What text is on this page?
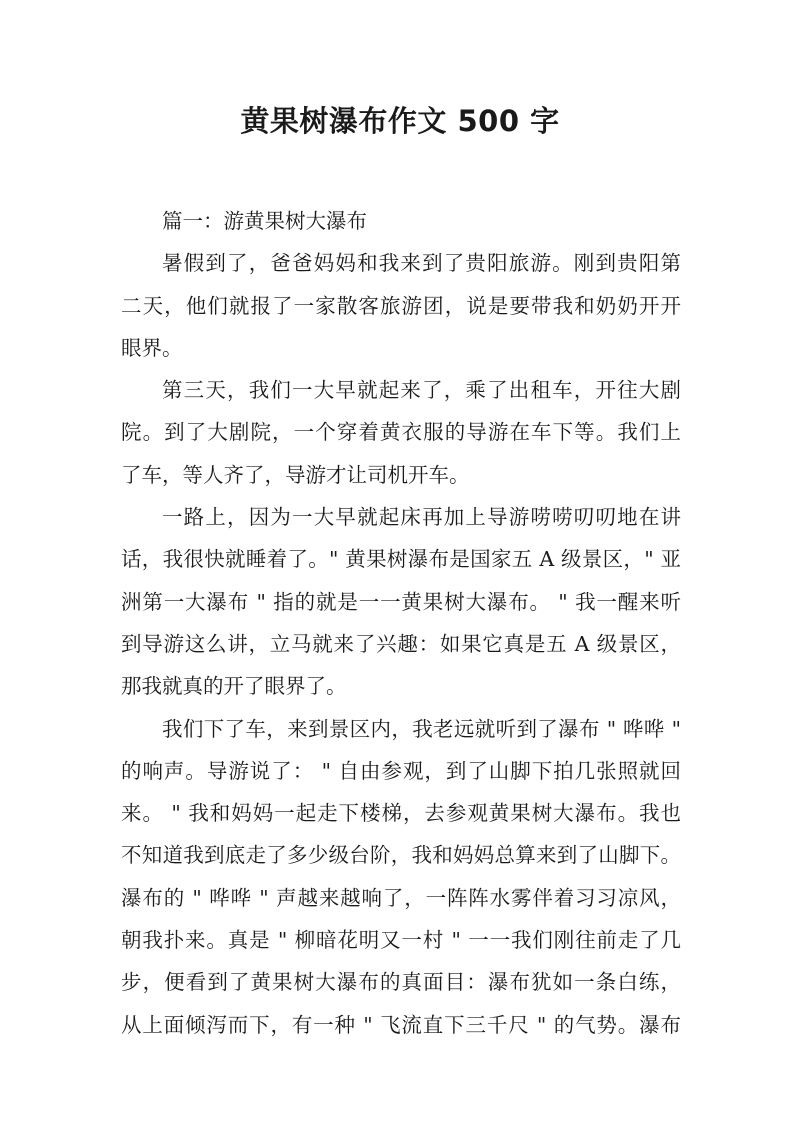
黄果树瀑布作文 500 字
篇一：游黄果树大瀑布
暑假到了，爸爸妈妈和我来到了贵阳旅游。刚到贵阳第
二天，他们就报了一家散客旅游团，说是要带我和奶奶开开
眼界。
第三天，我们一大早就起来了，乘了出租车，开往大剧
院。到了大剧院，一个穿着黄衣服的导游在车下等。我们上
了车，等人齐了，导游才让司机开车。
一路上，因为一大早就起床再加上导游唠唠叨叨地在讲
话，我很快就睡着了。" 黄果树瀑布是国家五 A 级景区，" 亚
洲第一大瀑布 " 指的就是一一黄果树大瀑布。 " 我一醒来听
到导游这么讲，立马就来了兴趣：如果它真是五 A 级景区，
那我就真的开了眼界了。
我们下了车，来到景区内，我老远就听到了瀑布 " 哗哗 "
的响声。导游说了： " 自由参观，到了山脚下拍几张照就回
来。 " 我和妈妈一起走下楼梯，去参观黄果树大瀑布。我也
不知道我到底走了多少级台阶，我和妈妈总算来到了山脚下。
瀑布的 " 哗哗 " 声越来越响了，一阵阵水雾伴着习习凉风，
朝我扑来。真是 " 柳暗花明又一村 " 一一我们刚往前走了几
步，便看到了黄果树大瀑布的真面目：瀑布犹如一条白练，
从上面倾泻而下，有一种 " 飞流直下三千尺 " 的气势。瀑布
